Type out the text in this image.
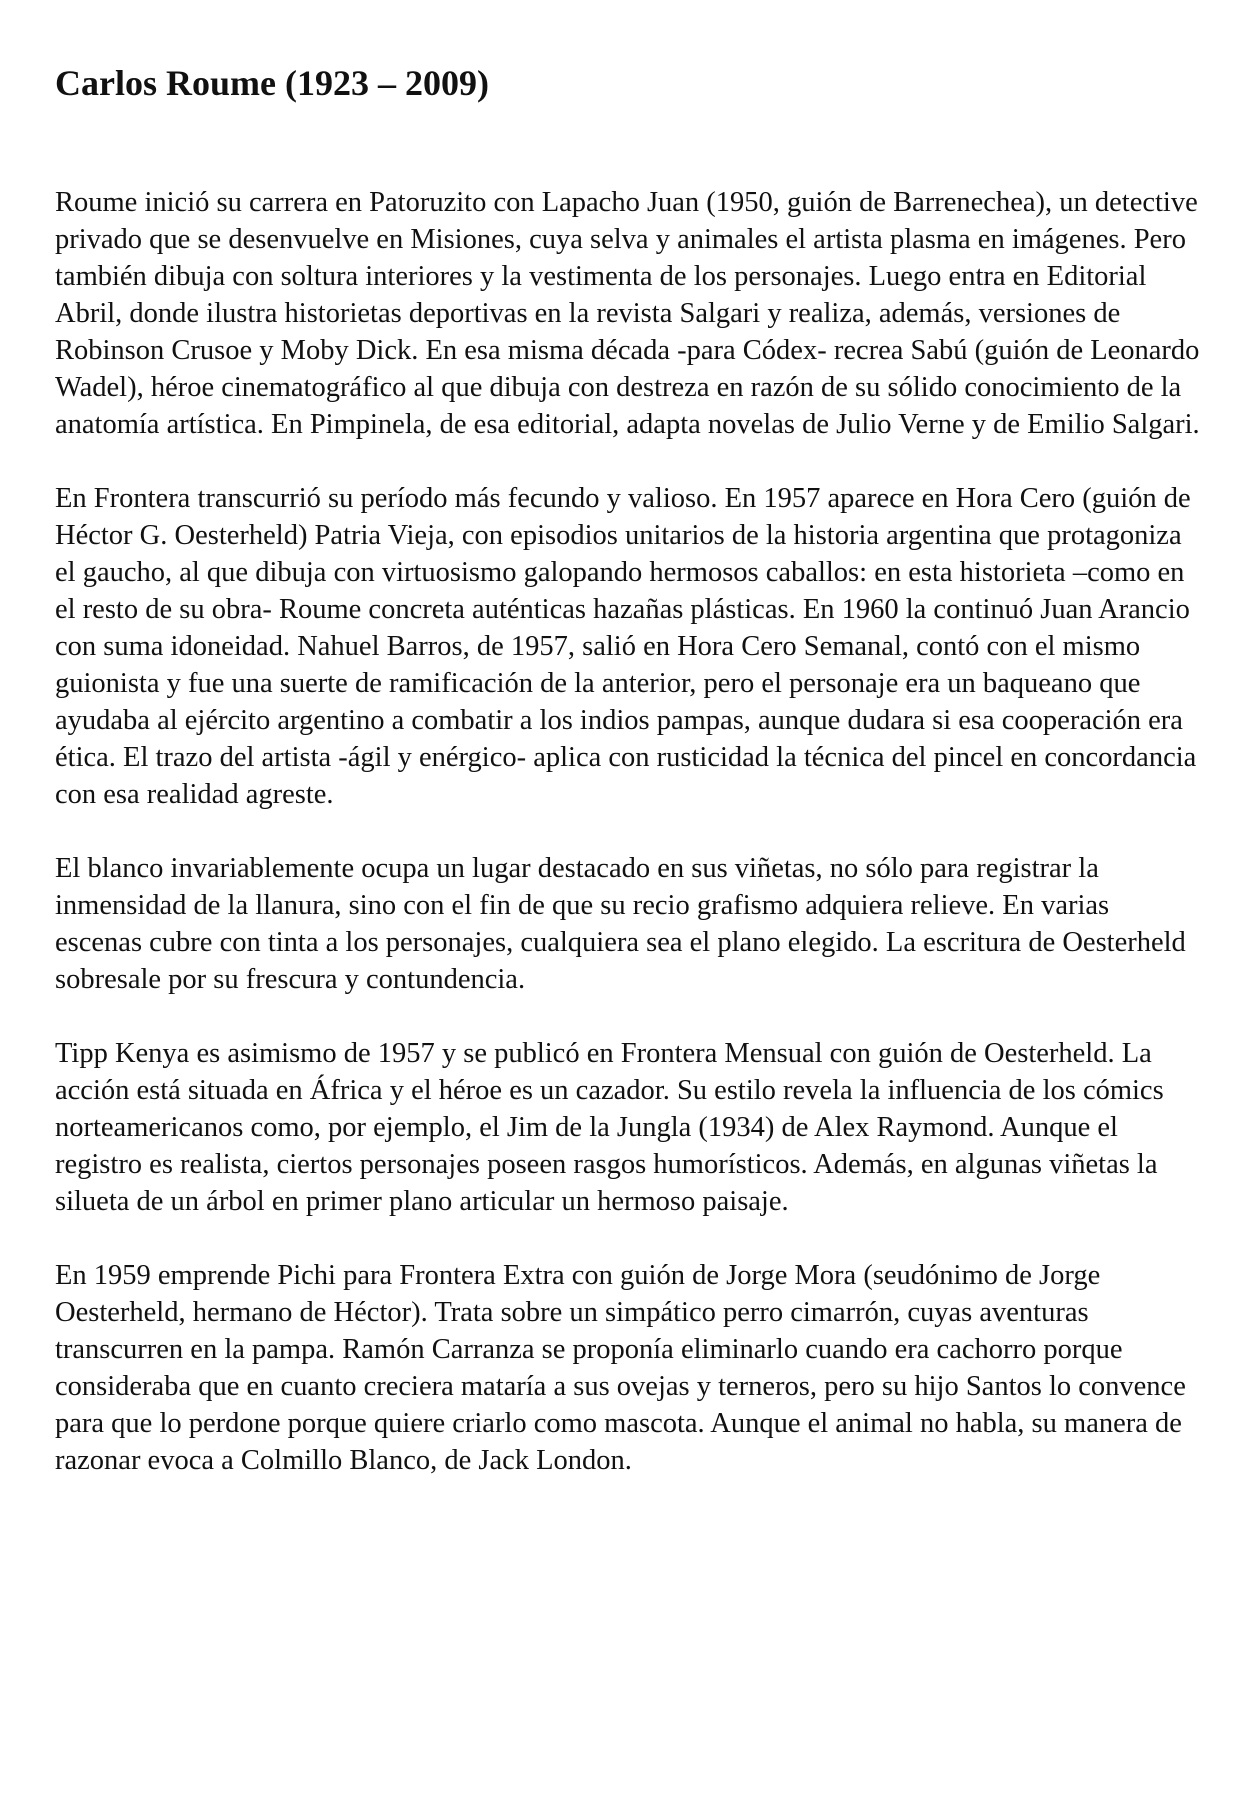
Carlos Roume (1923 – 2009)

Roume inició su carrera en Patoruzito con Lapacho Juan (1950, guión de Barrenechea), un detective privado que se desenvuelve en Misiones, cuya selva y animales el artista plasma en imágenes. Pero también dibuja con soltura interiores y la vestimenta de los personajes. Luego entra en Editorial Abril, donde ilustra historietas deportivas en la revista Salgari y realiza, además, versiones de Robinson Crusoe y Moby Dick. En esa misma década -para Códex- recrea Sabú (guión de Leonardo Wadel), héroe cinematográfico al que dibuja con destreza en razón de su sólido conocimiento de la anatomía artística. En Pimpinela, de esa editorial, adapta novelas de Julio Verne y de Emilio Salgari.

En Frontera transcurrió su período más fecundo y valioso. En 1957 aparece en Hora Cero (guión de Héctor G. Oesterheld) Patria Vieja, con episodios unitarios de la historia argentina que protagoniza el gaucho, al que dibuja con virtuosismo galopando hermosos caballos: en esta historieta –como en el resto de su obra- Roume concreta auténticas hazañas plásticas. En 1960 la continuó Juan Arancio con suma idoneidad. Nahuel Barros, de 1957, salió en Hora Cero Semanal, contó con el mismo guionista y fue una suerte de ramificación de la anterior, pero el personaje era un baqueano que ayudaba al ejército argentino a combatir a los indios pampas, aunque dudara si esa cooperación era ética. El trazo del artista -ágil y enérgico- aplica con rusticidad la técnica del pincel en concordancia con esa realidad agreste.

El blanco invariablemente ocupa un lugar destacado en sus viñetas, no sólo para registrar la inmensidad de la llanura, sino con el fin de que su recio grafismo adquiera relieve. En varias escenas cubre con tinta a los personajes, cualquiera sea el plano elegido. La escritura de Oesterheld sobresale por su frescura y contundencia.

Tipp Kenya es asimismo de 1957 y se publicó en Frontera Mensual con guión de Oesterheld. La acción está situada en África y el héroe es un cazador. Su estilo revela la influencia de los cómics norteamericanos como, por ejemplo, el Jim de la Jungla (1934) de Alex Raymond. Aunque el registro es realista, ciertos personajes poseen rasgos humorísticos. Además, en algunas viñetas la silueta de un árbol en primer plano articular un hermoso paisaje.

En 1959 emprende Pichi para Frontera Extra con guión de Jorge Mora (seudónimo de Jorge Oesterheld, hermano de Héctor). Trata sobre un simpático perro cimarrón, cuyas aventuras transcurren en la pampa. Ramón Carranza se proponía eliminarlo cuando era cachorro porque consideraba que en cuanto creciera mataría a sus ovejas y terneros, pero su hijo Santos lo convence para que lo perdone porque quiere criarlo como mascota. Aunque el animal no habla, su manera de razonar evoca a Colmillo Blanco, de Jack London.
